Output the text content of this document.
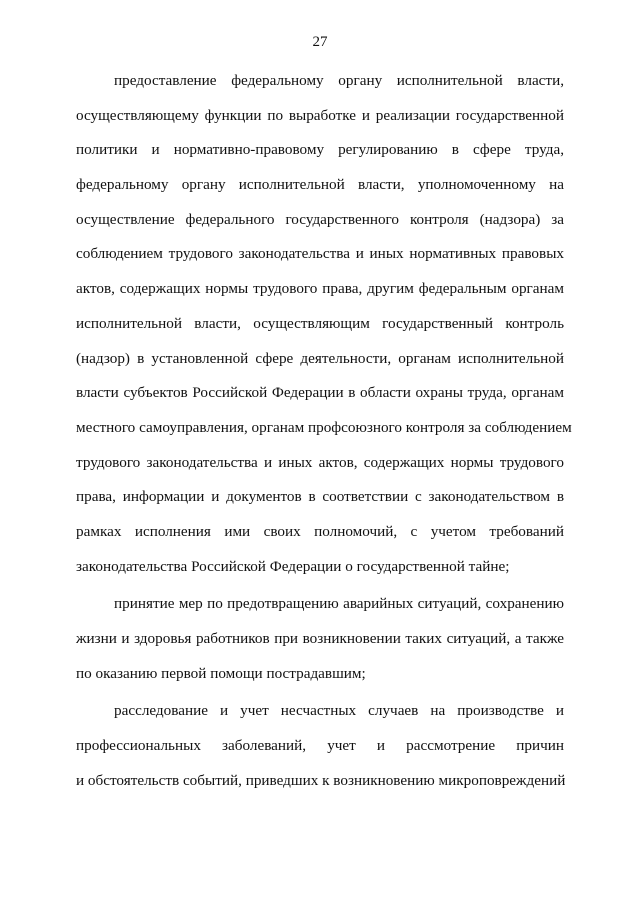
27
предоставление федеральному органу исполнительной власти,
осуществляющему функции по выработке и реализации государственной
политики и нормативно-правовому регулированию в сфере труда,
федеральному органу исполнительной власти, уполномоченному на
осуществление федерального государственного контроля (надзора) за
соблюдением трудового законодательства и иных нормативных правовых
актов, содержащих нормы трудового права, другим федеральным органам
исполнительной власти, осуществляющим государственный контроль
(надзор) в установленной сфере деятельности, органам исполнительной
власти субъектов Российской Федерации в области охраны труда, органам
местного самоуправления, органам профсоюзного контроля за соблюдением
трудового законодательства и иных актов, содержащих нормы трудового
права, информации и документов в соответствии с законодательством в
рамках исполнения ими своих полномочий, с учетом требований
законодательства Российской Федерации о государственной тайне;
принятие мер по предотвращению аварийных ситуаций, сохранению
жизни и здоровья работников при возникновении таких ситуаций, а также
по оказанию первой помощи пострадавшим;
расследование и учет несчастных случаев на производстве и
профессиональных заболеваний, учет и рассмотрение причин
и обстоятельств событий, приведших к возникновению микроповреждений
